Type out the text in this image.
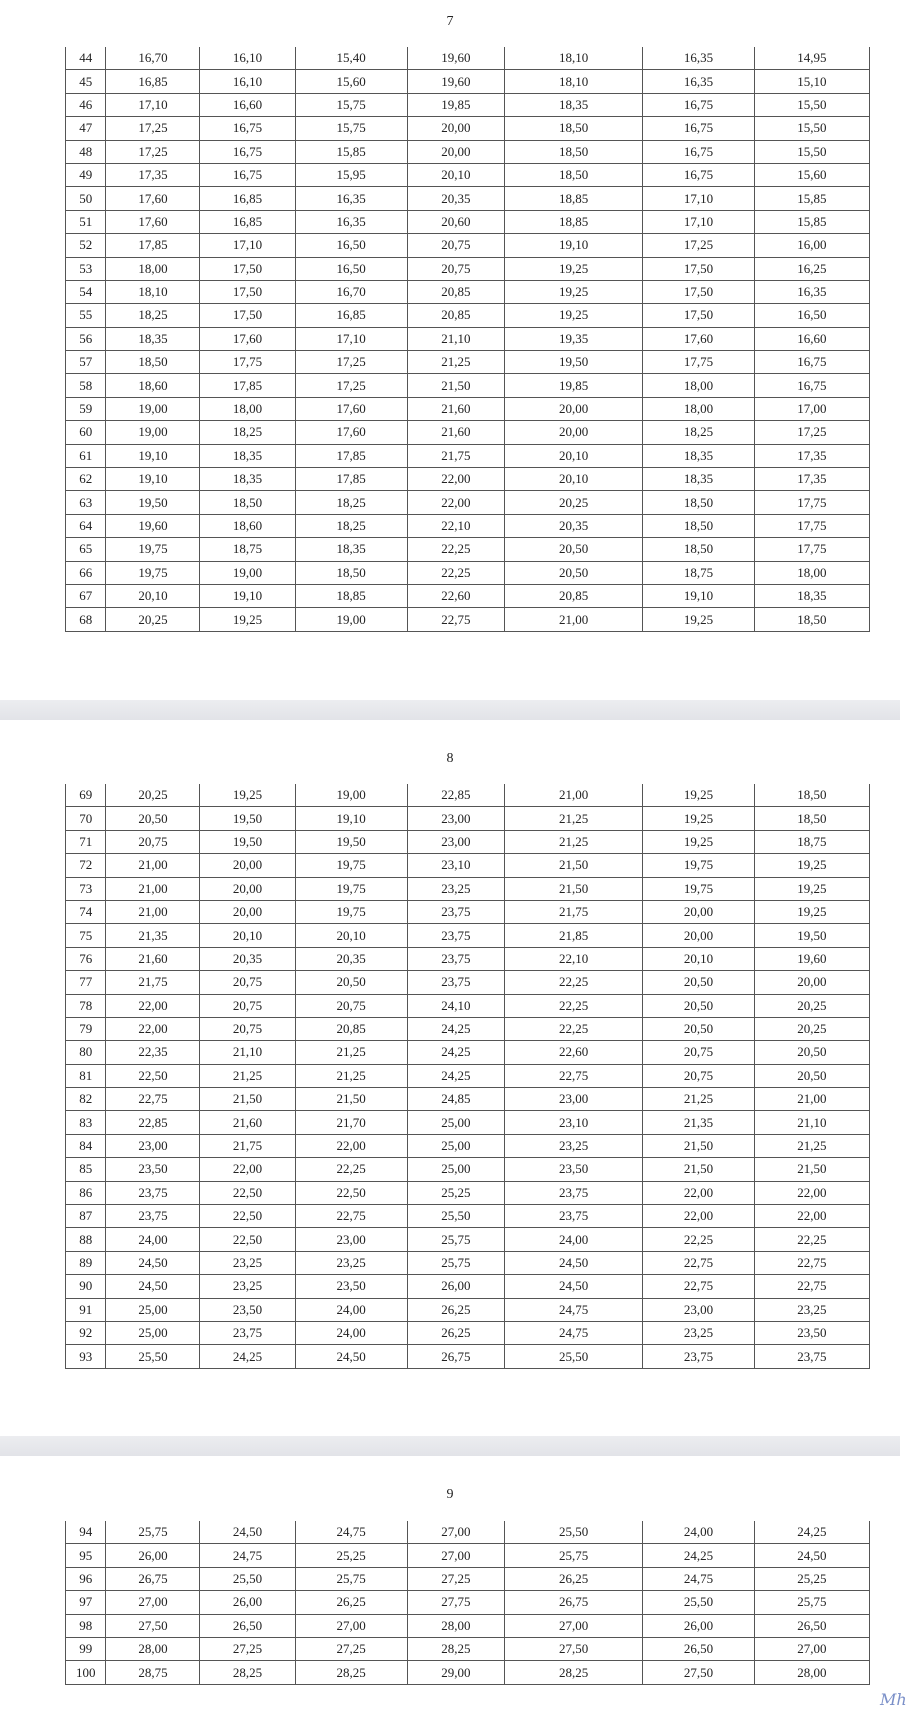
7
44	16,70	16,10	15,40	19,60	18,10	16,35	14,95
45	16,85	16,10	15,60	19,60	18,10	16,35	15,10
46	17,10	16,60	15,75	19,85	18,35	16,75	15,50
47	17,25	16,75	15,75	20,00	18,50	16,75	15,50
48	17,25	16,75	15,85	20,00	18,50	16,75	15,50
49	17,35	16,75	15,95	20,10	18,50	16,75	15,60
50	17,60	16,85	16,35	20,35	18,85	17,10	15,85
51	17,60	16,85	16,35	20,60	18,85	17,10	15,85
52	17,85	17,10	16,50	20,75	19,10	17,25	16,00
53	18,00	17,50	16,50	20,75	19,25	17,50	16,25
54	18,10	17,50	16,70	20,85	19,25	17,50	16,35
55	18,25	17,50	16,85	20,85	19,25	17,50	16,50
56	18,35	17,60	17,10	21,10	19,35	17,60	16,60
57	18,50	17,75	17,25	21,25	19,50	17,75	16,75
58	18,60	17,85	17,25	21,50	19,85	18,00	16,75
59	19,00	18,00	17,60	21,60	20,00	18,00	17,00
60	19,00	18,25	17,60	21,60	20,00	18,25	17,25
61	19,10	18,35	17,85	21,75	20,10	18,35	17,35
62	19,10	18,35	17,85	22,00	20,10	18,35	17,35
63	19,50	18,50	18,25	22,00	20,25	18,50	17,75
64	19,60	18,60	18,25	22,10	20,35	18,50	17,75
65	19,75	18,75	18,35	22,25	20,50	18,50	17,75
66	19,75	19,00	18,50	22,25	20,50	18,75	18,00
67	20,10	19,10	18,85	22,60	20,85	19,10	18,35
68	20,25	19,25	19,00	22,75	21,00	19,25	18,50
8
69	20,25	19,25	19,00	22,85	21,00	19,25	18,50
70	20,50	19,50	19,10	23,00	21,25	19,25	18,50
71	20,75	19,50	19,50	23,00	21,25	19,25	18,75
72	21,00	20,00	19,75	23,10	21,50	19,75	19,25
73	21,00	20,00	19,75	23,25	21,50	19,75	19,25
74	21,00	20,00	19,75	23,75	21,75	20,00	19,25
75	21,35	20,10	20,10	23,75	21,85	20,00	19,50
76	21,60	20,35	20,35	23,75	22,10	20,10	19,60
77	21,75	20,75	20,50	23,75	22,25	20,50	20,00
78	22,00	20,75	20,75	24,10	22,25	20,50	20,25
79	22,00	20,75	20,85	24,25	22,25	20,50	20,25
80	22,35	21,10	21,25	24,25	22,60	20,75	20,50
81	22,50	21,25	21,25	24,25	22,75	20,75	20,50
82	22,75	21,50	21,50	24,85	23,00	21,25	21,00
83	22,85	21,60	21,70	25,00	23,10	21,35	21,10
84	23,00	21,75	22,00	25,00	23,25	21,50	21,25
85	23,50	22,00	22,25	25,00	23,50	21,50	21,50
86	23,75	22,50	22,50	25,25	23,75	22,00	22,00
87	23,75	22,50	22,75	25,50	23,75	22,00	22,00
88	24,00	22,50	23,00	25,75	24,00	22,25	22,25
89	24,50	23,25	23,25	25,75	24,50	22,75	22,75
90	24,50	23,25	23,50	26,00	24,50	22,75	22,75
91	25,00	23,50	24,00	26,25	24,75	23,00	23,25
92	25,00	23,75	24,00	26,25	24,75	23,25	23,50
93	25,50	24,25	24,50	26,75	25,50	23,75	23,75
9
94	25,75	24,50	24,75	27,00	25,50	24,00	24,25
95	26,00	24,75	25,25	27,00	25,75	24,25	24,50
96	26,75	25,50	25,75	27,25	26,25	24,75	25,25
97	27,00	26,00	26,25	27,75	26,75	25,50	25,75
98	27,50	26,50	27,00	28,00	27,00	26,00	26,50
99	28,00	27,25	27,25	28,25	27,50	26,50	27,00
100	28,75	28,25	28,25	29,00	28,25	27,50	28,00
Mh
